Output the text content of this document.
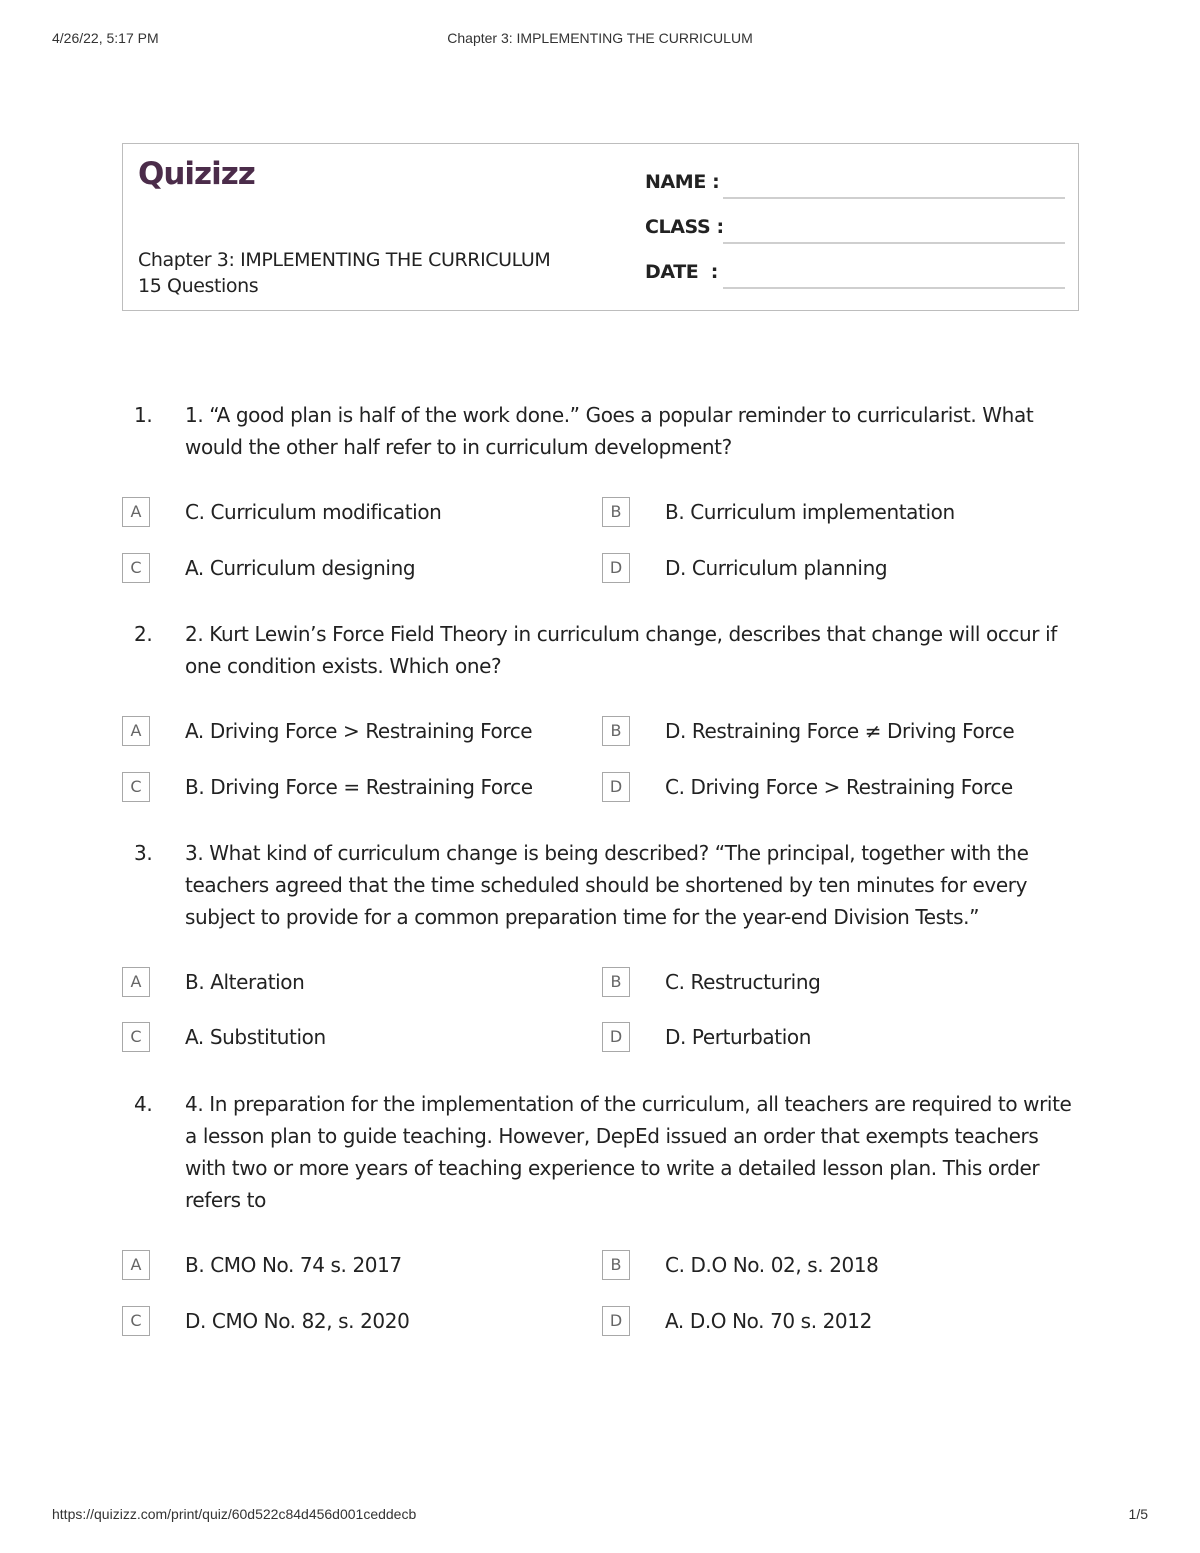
4/26/22, 5:17 PM	Chapter 3: IMPLEMENTING THE CURRICULUM
Quizizz
Chapter 3: IMPLEMENTING THE CURRICULUM
15 Questions
NAME :
CLASS :
DATE  :
1.	1. “A good plan is half of the work done.” Goes a popular reminder to curricularist. What would the other half refer to in curriculum development?
A	C. Curriculum modification	B	B. Curriculum implementation
C	A. Curriculum designing	D	D. Curriculum planning
2.	2. Kurt Lewin’s Force Field Theory in curriculum change, describes that change will occur if one condition exists. Which one?
A	A. Driving Force > Restraining Force	B	D. Restraining Force ≠ Driving Force
C	B. Driving Force = Restraining Force	D	C. Driving Force > Restraining Force
3.	3. What kind of curriculum change is being described? “The principal, together with the teachers agreed that the time scheduled should be shortened by ten minutes for every subject to provide for a common preparation time for the year-end Division Tests.”
A	B. Alteration	B	C. Restructuring
C	A. Substitution	D	D. Perturbation
4.	4. In preparation for the implementation of the curriculum, all teachers are required to write a lesson plan to guide teaching. However, DepEd issued an order that exempts teachers with two or more years of teaching experience to write a detailed lesson plan. This order refers to
A	B. CMO No. 74 s. 2017	B	C. D.O No. 02, s. 2018
C	D. CMO No. 82, s. 2020	D	A. D.O No. 70 s. 2012
https://quizizz.com/print/quiz/60d522c84d456d001ceddecb	1/5
